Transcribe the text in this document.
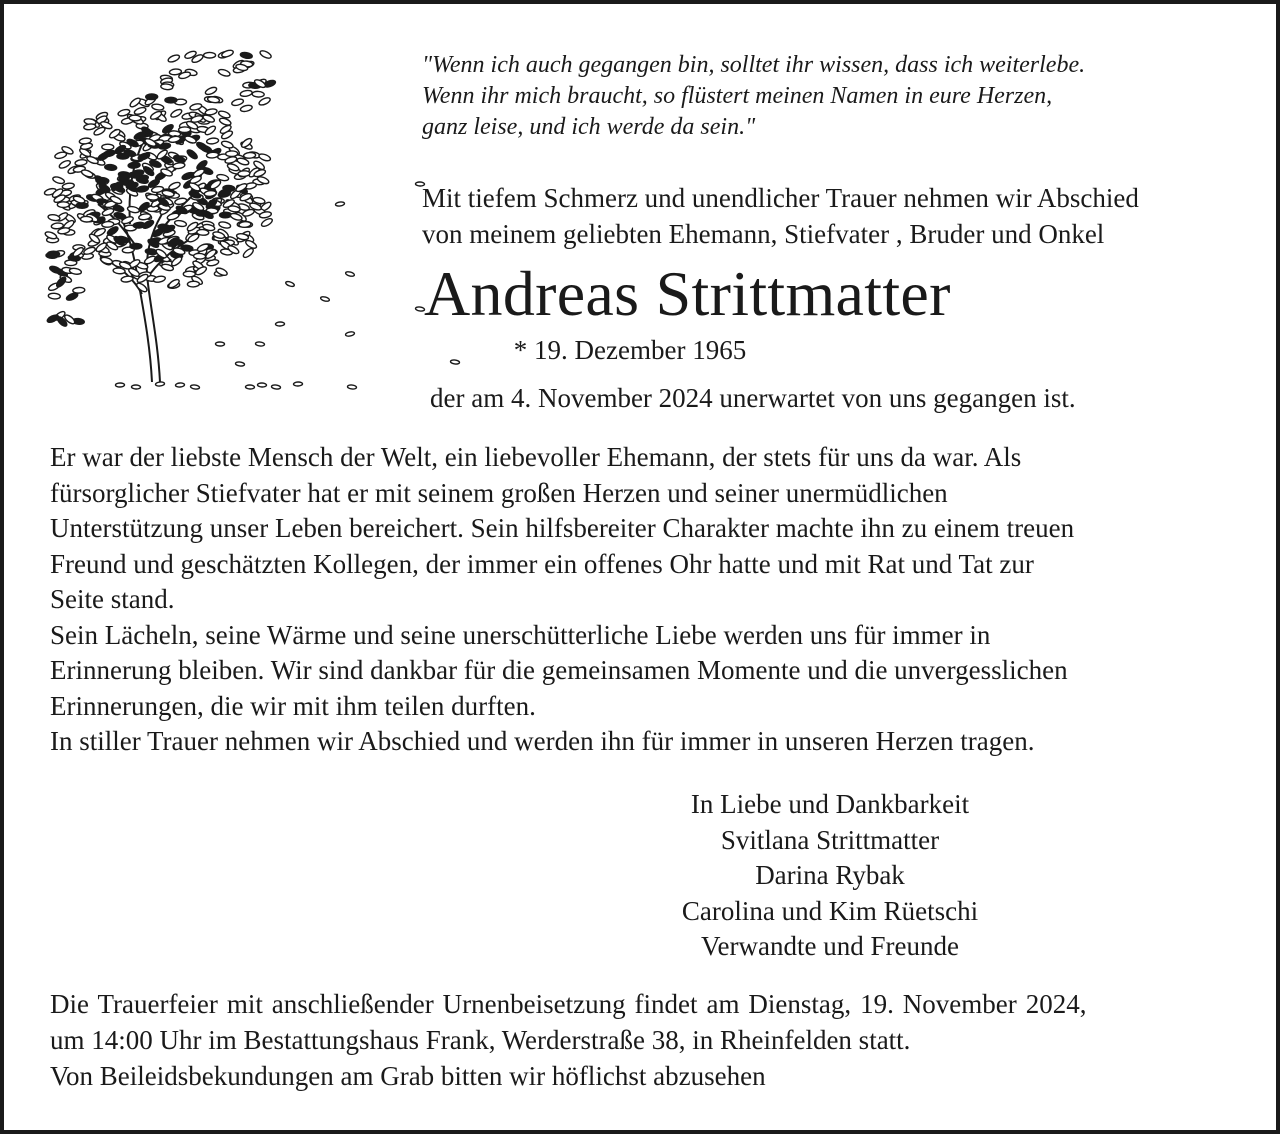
"Wenn ich auch gegangen bin, solltet ihr wissen, dass ich weiterlebe.
Wenn ihr mich braucht, so flüstert meinen Namen in eure Herzen,
ganz leise, und ich werde da sein."

Mit tiefem Schmerz und unendlicher Trauer nehmen wir Abschied
von meinem geliebten Ehemann, Stiefvater , Bruder und Onkel

Andreas Strittmatter

* 19. Dezember 1965

der am 4. November 2024 unerwartet von uns gegangen ist.

Er war der liebste Mensch der Welt, ein liebevoller Ehemann, der stets für uns da war. Als
fürsorglicher Stiefvater hat er mit seinem großen Herzen und seiner unermüdlichen
Unterstützung unser Leben bereichert. Sein hilfsbereiter Charakter machte ihn zu einem treuen
Freund und geschätzten Kollegen, der immer ein offenes Ohr hatte und mit Rat und Tat zur
Seite stand.
Sein Lächeln, seine Wärme und seine unerschütterliche Liebe werden uns für immer in
Erinnerung bleiben. Wir sind dankbar für die gemeinsamen Momente und die unvergesslichen
Erinnerungen, die wir mit ihm teilen durften.
In stiller Trauer nehmen wir Abschied und werden ihn für immer in unseren Herzen tragen.

In Liebe und Dankbarkeit
Svitlana Strittmatter
Darina Rybak
Carolina und Kim Rüetschi
Verwandte und Freunde

Die Trauerfeier mit anschließender Urnenbeisetzung findet am Dienstag, 19. November 2024,
um 14:00 Uhr im Bestattungshaus Frank, Werderstraße 38, in Rheinfelden statt.
Von Beileidsbekundungen am Grab bitten wir höflichst abzusehen
